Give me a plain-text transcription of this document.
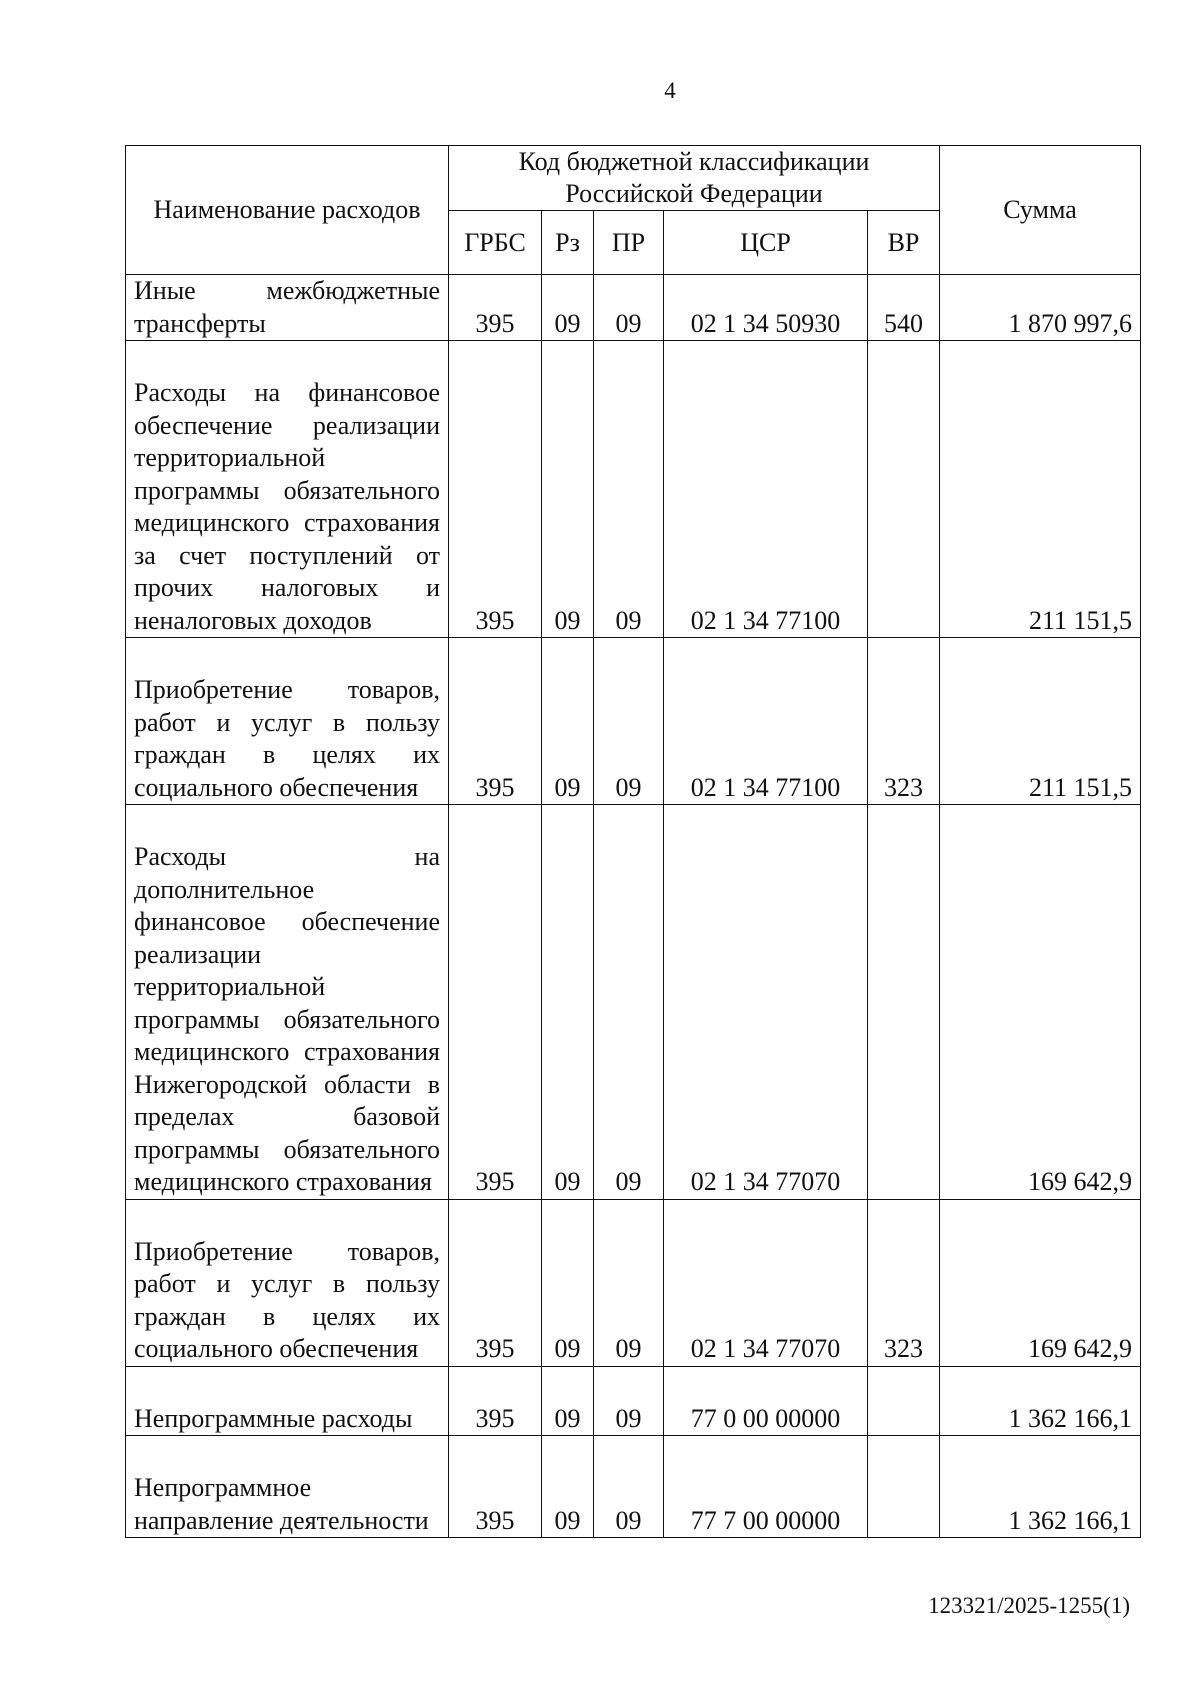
4
Наименование расходов	Код бюджетной классификации Российской Федерации					Сумма
	ГРБС	Рз	ПР	ЦСР	ВР	
Иные межбюджетные трансферты	395	09	09	02 1 34 50930	540	1 870 997,6
Расходы на финансовое обеспечение реализации территориальной программы обязательного медицинского страхования за счет поступлений от прочих налоговых и неналоговых доходов	395	09	09	02 1 34 77100		211 151,5
Приобретение товаров, работ и услуг в пользу граждан в целях их социального обеспечения	395	09	09	02 1 34 77100	323	211 151,5
Расходы на дополнительное финансовое обеспечение реализации территориальной программы обязательного медицинского страхования Нижегородской области в пределах базовой программы обязательного медицинского страхования	395	09	09	02 1 34 77070		169 642,9
Приобретение товаров, работ и услуг в пользу граждан в целях их социального обеспечения	395	09	09	02 1 34 77070	323	169 642,9
Непрограммные расходы	395	09	09	77 0 00 00000		1 362 166,1
Непрограммное направление деятельности	395	09	09	77 7 00 00000		1 362 166,1
123321/2025-1255(1)
